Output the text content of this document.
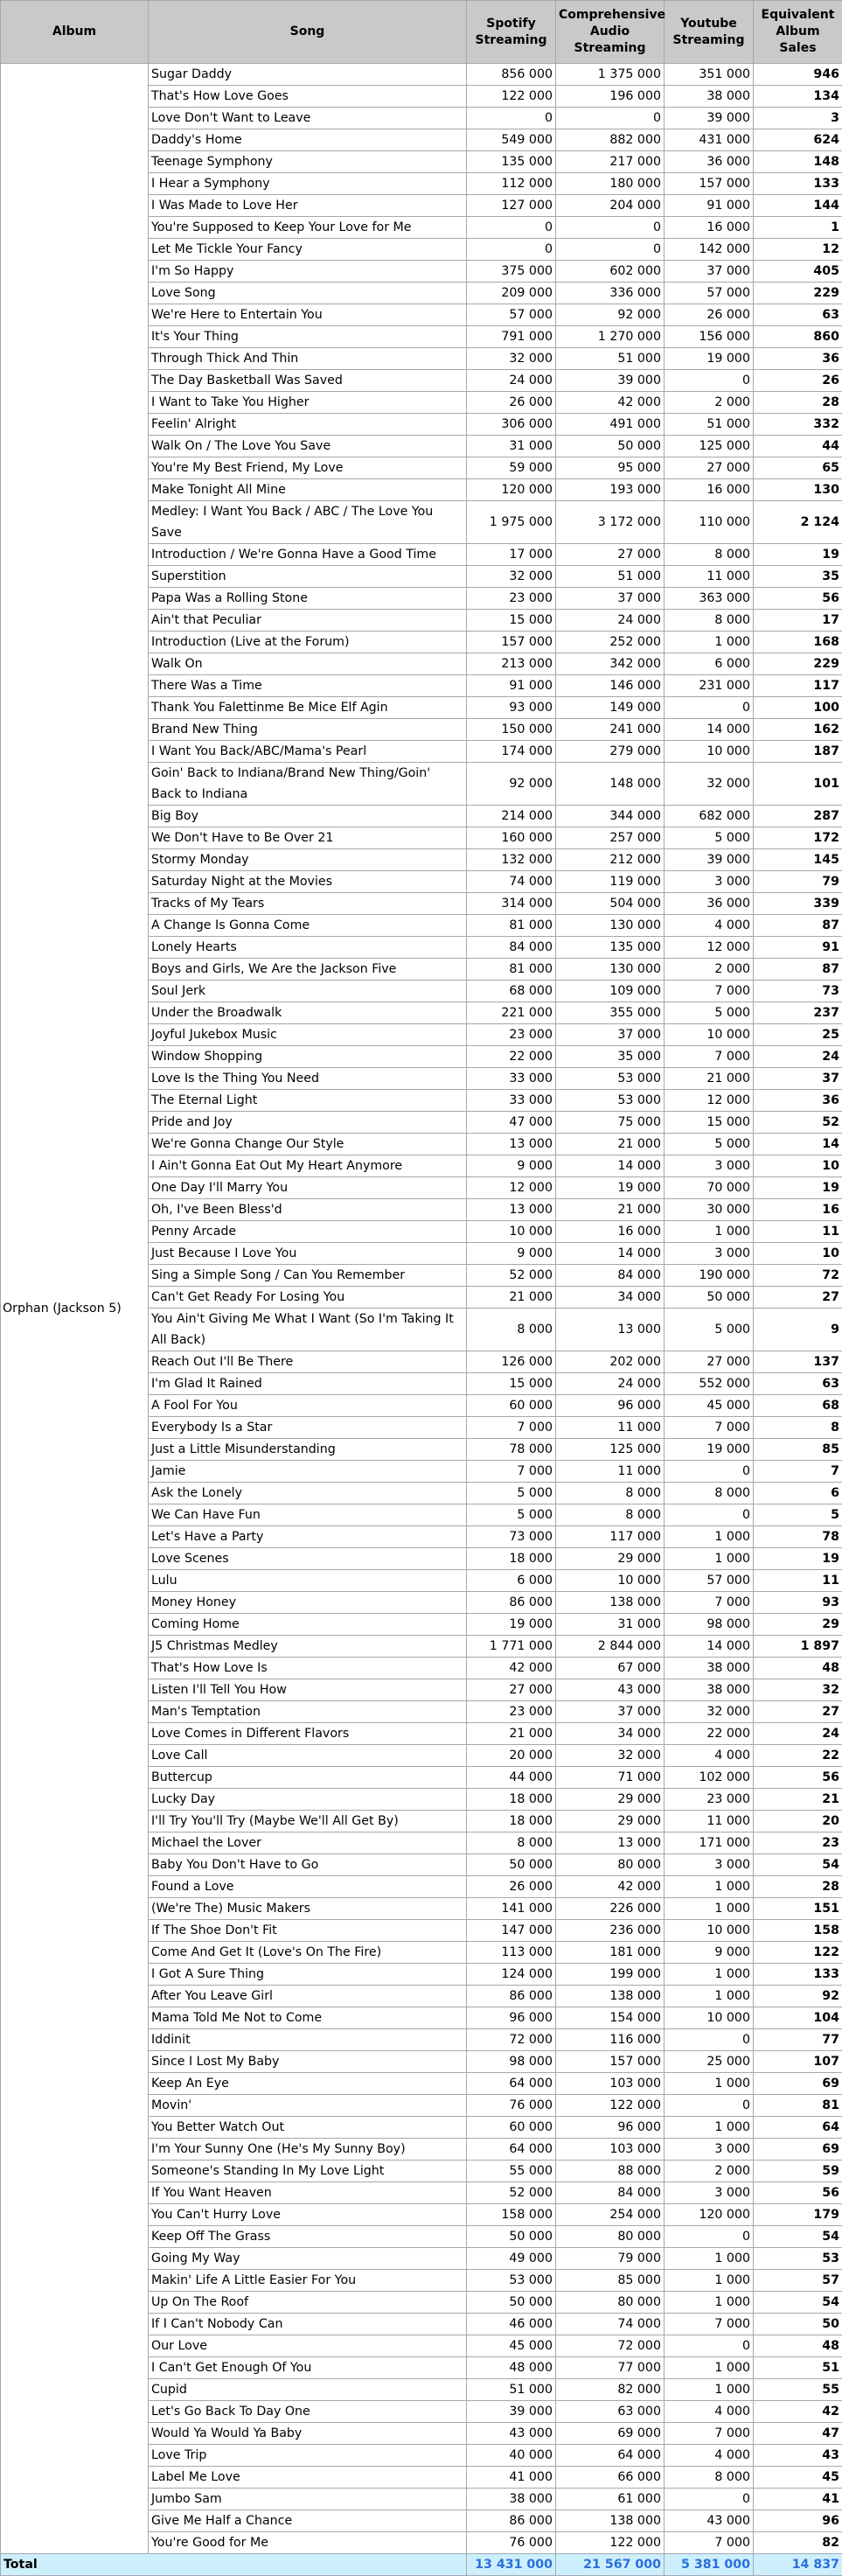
Album	Song	Spotify Streaming	Comprehensive Audio Streaming	Youtube Streaming	Equivalent Album Sales
Orphan (Jackson 5)	Sugar Daddy	856 000	1 375 000	351 000	946
	That's How Love Goes	122 000	196 000	38 000	134
	Love Don't Want to Leave	0	0	39 000	3
	Daddy's Home	549 000	882 000	431 000	624
	Teenage Symphony	135 000	217 000	36 000	148
	I Hear a Symphony	112 000	180 000	157 000	133
	I Was Made to Love Her	127 000	204 000	91 000	144
	You're Supposed to Keep Your Love for Me	0	0	16 000	1
	Let Me Tickle Your Fancy	0	0	142 000	12
	I'm So Happy	375 000	602 000	37 000	405
	Love Song	209 000	336 000	57 000	229
	We're Here to Entertain You	57 000	92 000	26 000	63
	It's Your Thing	791 000	1 270 000	156 000	860
	Through Thick And Thin	32 000	51 000	19 000	36
	The Day Basketball Was Saved	24 000	39 000	0	26
	I Want to Take You Higher	26 000	42 000	2 000	28
	Feelin' Alright	306 000	491 000	51 000	332
	Walk On / The Love You Save	31 000	50 000	125 000	44
	You're My Best Friend, My Love	59 000	95 000	27 000	65
	Make Tonight All Mine	120 000	193 000	16 000	130
	Medley: I Want You Back / ABC / The Love You Save	1 975 000	3 172 000	110 000	2 124
	Introduction / We're Gonna Have a Good Time	17 000	27 000	8 000	19
	Superstition	32 000	51 000	11 000	35
	Papa Was a Rolling Stone	23 000	37 000	363 000	56
	Ain't that Peculiar	15 000	24 000	8 000	17
	Introduction (Live at the Forum)	157 000	252 000	1 000	168
	Walk On	213 000	342 000	6 000	229
	There Was a Time	91 000	146 000	231 000	117
	Thank You Falettinme Be Mice Elf Agin	93 000	149 000	0	100
	Brand New Thing	150 000	241 000	14 000	162
	I Want You Back/ABC/Mama's Pearl	174 000	279 000	10 000	187
	Goin' Back to Indiana/Brand New Thing/Goin' Back to Indiana	92 000	148 000	32 000	101
	Big Boy	214 000	344 000	682 000	287
	We Don't Have to Be Over 21	160 000	257 000	5 000	172
	Stormy Monday	132 000	212 000	39 000	145
	Saturday Night at the Movies	74 000	119 000	3 000	79
	Tracks of My Tears	314 000	504 000	36 000	339
	A Change Is Gonna Come	81 000	130 000	4 000	87
	Lonely Hearts	84 000	135 000	12 000	91
	Boys and Girls, We Are the Jackson Five	81 000	130 000	2 000	87
	Soul Jerk	68 000	109 000	7 000	73
	Under the Broadwalk	221 000	355 000	5 000	237
	Joyful Jukebox Music	23 000	37 000	10 000	25
	Window Shopping	22 000	35 000	7 000	24
	Love Is the Thing You Need	33 000	53 000	21 000	37
	The Eternal Light	33 000	53 000	12 000	36
	Pride and Joy	47 000	75 000	15 000	52
	We're Gonna Change Our Style	13 000	21 000	5 000	14
	I Ain't Gonna Eat Out My Heart Anymore	9 000	14 000	3 000	10
	One Day I'll Marry You	12 000	19 000	70 000	19
	Oh, I've Been Bless'd	13 000	21 000	30 000	16
	Penny Arcade	10 000	16 000	1 000	11
	Just Because I Love You	9 000	14 000	3 000	10
	Sing a Simple Song / Can You Remember	52 000	84 000	190 000	72
	Can't Get Ready For Losing You	21 000	34 000	50 000	27
	You Ain't Giving Me What I Want (So I'm Taking It All Back)	8 000	13 000	5 000	9
	Reach Out I'll Be There	126 000	202 000	27 000	137
	I'm Glad It Rained	15 000	24 000	552 000	63
	A Fool For You	60 000	96 000	45 000	68
	Everybody Is a Star	7 000	11 000	7 000	8
	Just a Little Misunderstanding	78 000	125 000	19 000	85
	Jamie	7 000	11 000	0	7
	Ask the Lonely	5 000	8 000	8 000	6
	We Can Have Fun	5 000	8 000	0	5
	Let's Have a Party	73 000	117 000	1 000	78
	Love Scenes	18 000	29 000	1 000	19
	Lulu	6 000	10 000	57 000	11
	Money Honey	86 000	138 000	7 000	93
	Coming Home	19 000	31 000	98 000	29
	J5 Christmas Medley	1 771 000	2 844 000	14 000	1 897
	That's How Love Is	42 000	67 000	38 000	48
	Listen I'll Tell You How	27 000	43 000	38 000	32
	Man's Temptation	23 000	37 000	32 000	27
	Love Comes in Different Flavors	21 000	34 000	22 000	24
	Love Call	20 000	32 000	4 000	22
	Buttercup	44 000	71 000	102 000	56
	Lucky Day	18 000	29 000	23 000	21
	I'll Try You'll Try (Maybe We'll All Get By)	18 000	29 000	11 000	20
	Michael the Lover	8 000	13 000	171 000	23
	Baby You Don't Have to Go	50 000	80 000	3 000	54
	Found a Love	26 000	42 000	1 000	28
	(We're The) Music Makers	141 000	226 000	1 000	151
	If The Shoe Don't Fit	147 000	236 000	10 000	158
	Come And Get It (Love's On The Fire)	113 000	181 000	9 000	122
	I Got A Sure Thing	124 000	199 000	1 000	133
	After You Leave Girl	86 000	138 000	1 000	92
	Mama Told Me Not to Come	96 000	154 000	10 000	104
	Iddinit	72 000	116 000	0	77
	Since I Lost My Baby	98 000	157 000	25 000	107
	Keep An Eye	64 000	103 000	1 000	69
	Movin'	76 000	122 000	0	81
	You Better Watch Out	60 000	96 000	1 000	64
	I'm Your Sunny One (He's My Sunny Boy)	64 000	103 000	3 000	69
	Someone's Standing In My Love Light	55 000	88 000	2 000	59
	If You Want Heaven	52 000	84 000	3 000	56
	You Can't Hurry Love	158 000	254 000	120 000	179
	Keep Off The Grass	50 000	80 000	0	54
	Going My Way	49 000	79 000	1 000	53
	Makin' Life A Little Easier For You	53 000	85 000	1 000	57
	Up On The Roof	50 000	80 000	1 000	54
	If I Can't Nobody Can	46 000	74 000	7 000	50
	Our Love	45 000	72 000	0	48
	I Can't Get Enough Of You	48 000	77 000	1 000	51
	Cupid	51 000	82 000	1 000	55
	Let's Go Back To Day One	39 000	63 000	4 000	42
	Would Ya Would Ya Baby	43 000	69 000	7 000	47
	Love Trip	40 000	64 000	4 000	43
	Label Me Love	41 000	66 000	8 000	45
	Jumbo Sam	38 000	61 000	0	41
	Give Me Half a Chance	86 000	138 000	43 000	96
	You're Good for Me	76 000	122 000	7 000	82
Total		13 431 000	21 567 000	5 381 000	14 837
